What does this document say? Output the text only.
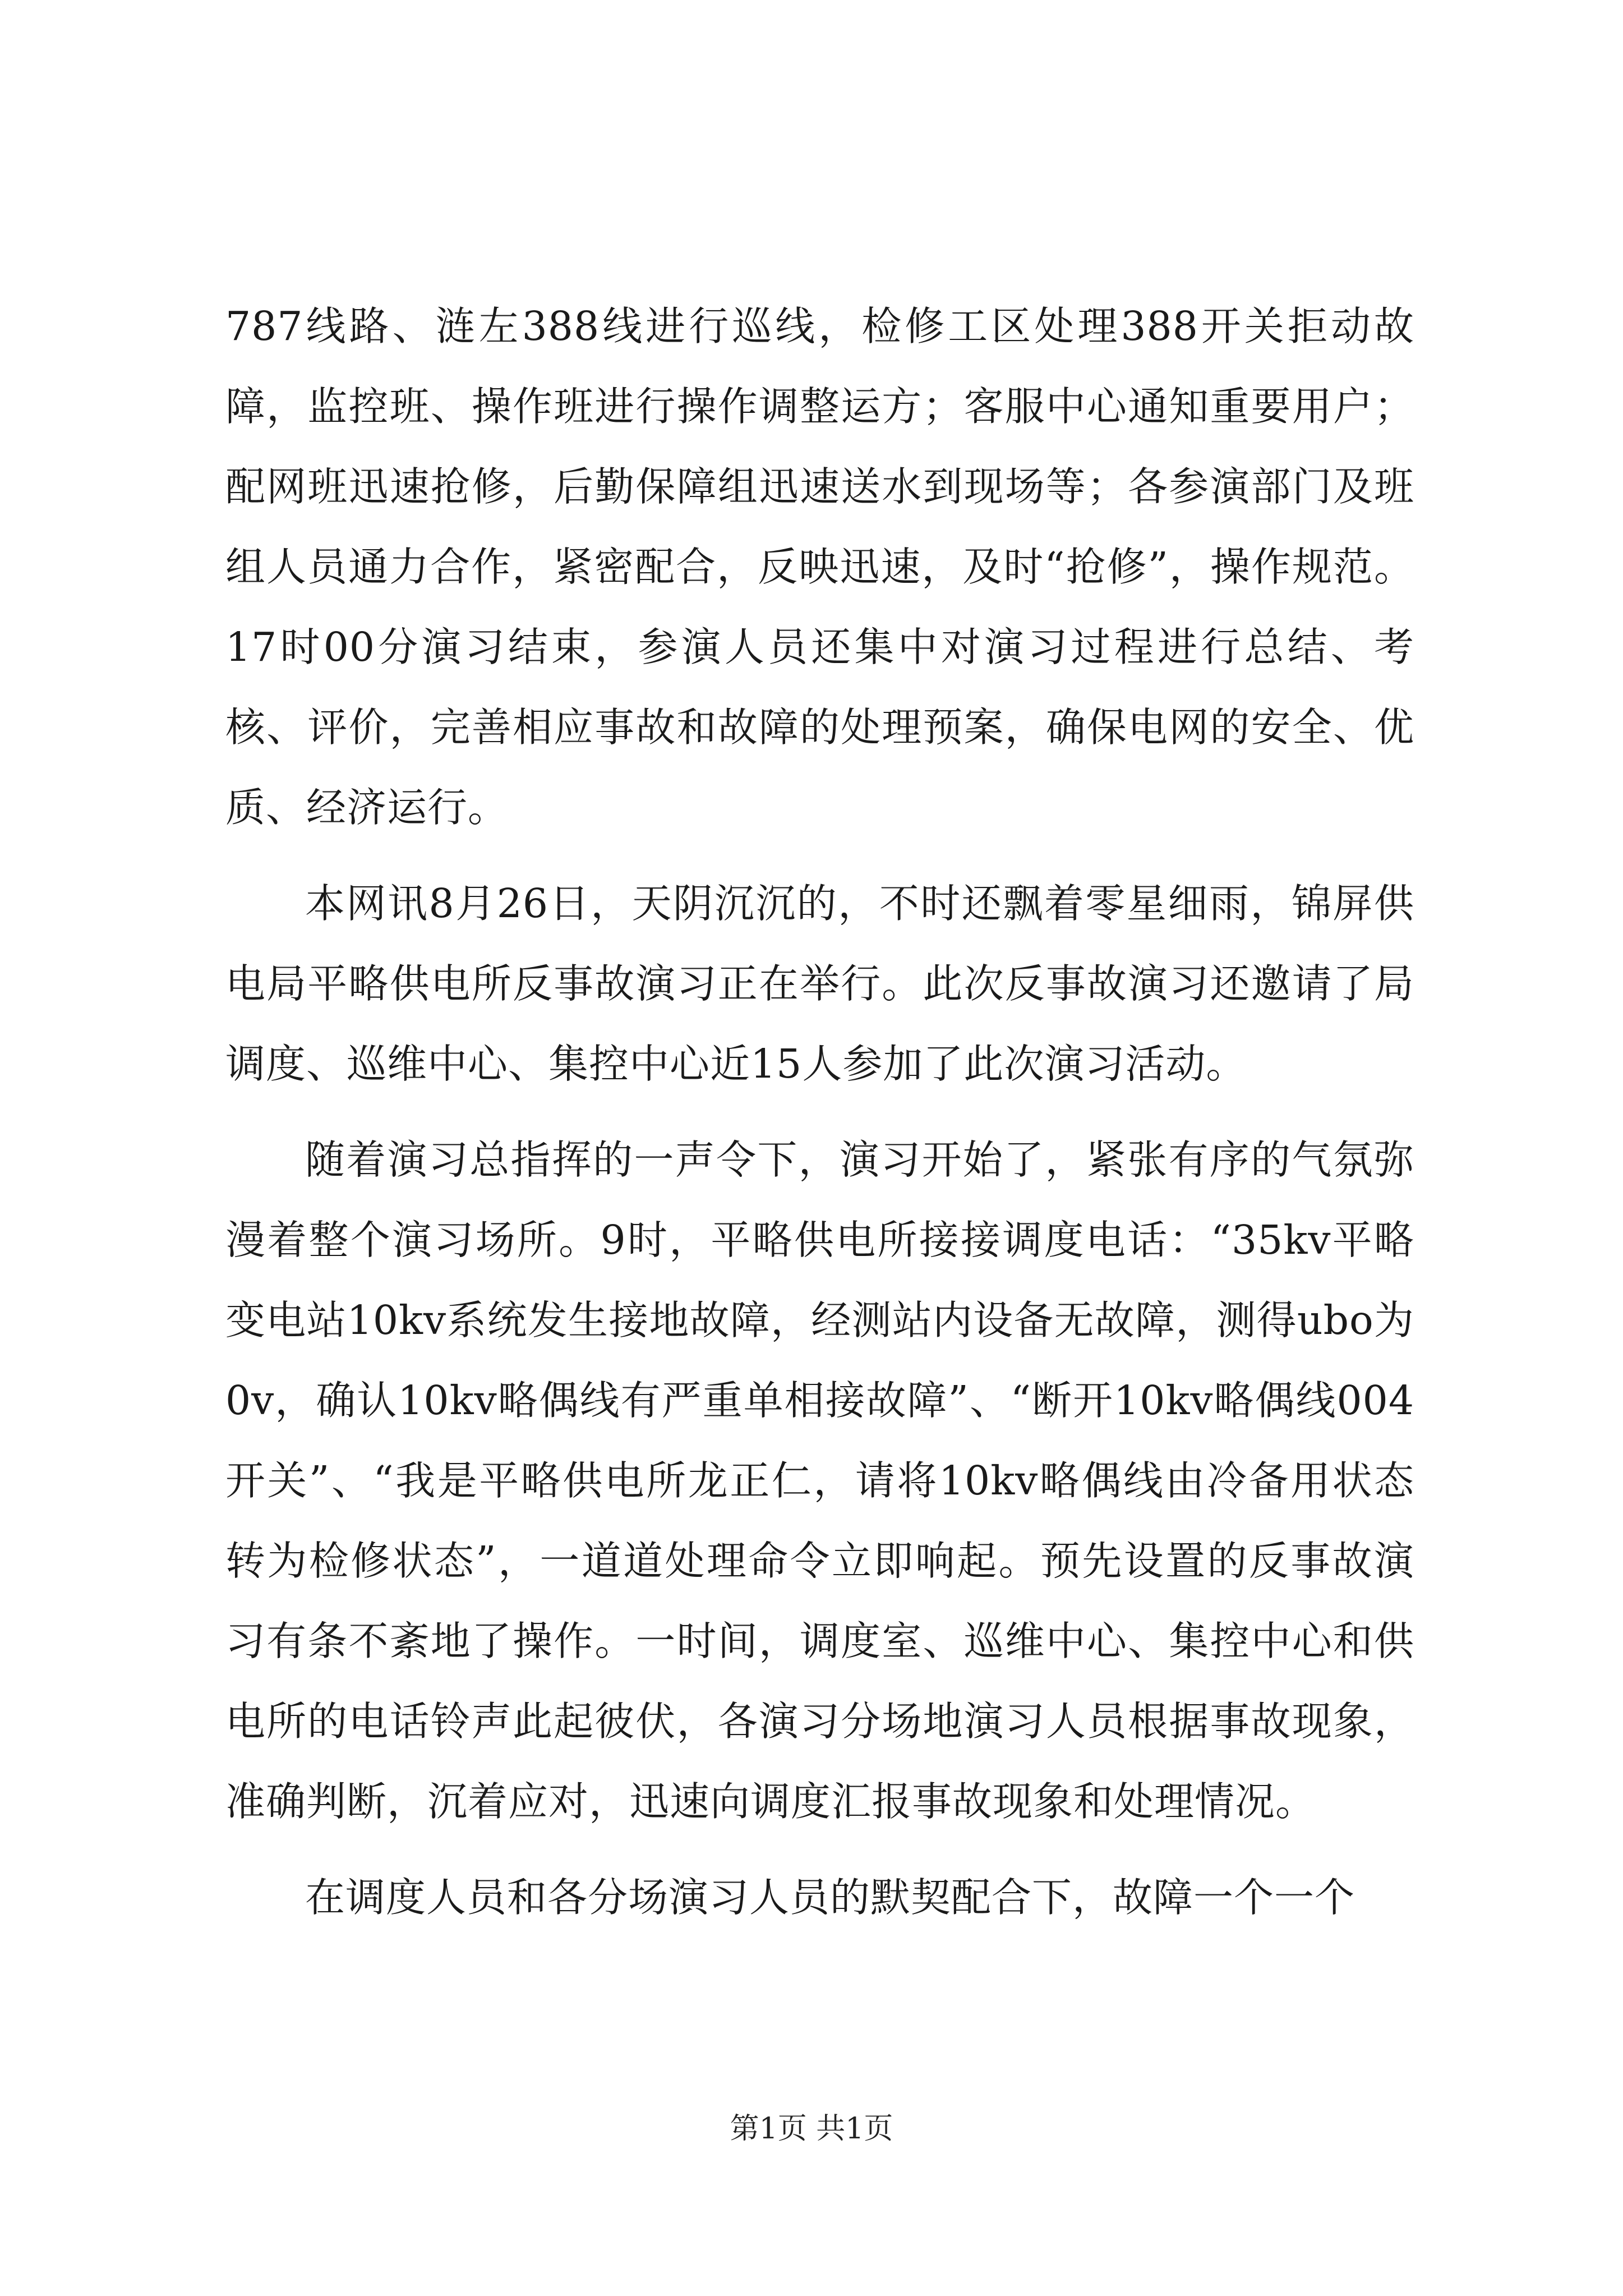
787线路、涟左388线进行巡线，检修工区处理388开关拒动故障，监控班、操作班进行操作调整运方；客服中心通知重要用户；配网班迅速抢修，后勤保障组迅速送水到现场等；各参演部门及班组人员通力合作，紧密配合，反映迅速，及时“抢修”，操作规范。17时00分演习结束，参演人员还集中对演习过程进行总结、考核、评价，完善相应事故和故障的处理预案，确保电网的安全、优质、经济运行。

本网讯8月26日，天阴沉沉的，不时还飘着零星细雨，锦屏供电局平略供电所反事故演习正在举行。此次反事故演习还邀请了局调度、巡维中心、集控中心近15人参加了此次演习活动。

随着演习总指挥的一声令下，演习开始了，紧张有序的气氛弥漫着整个演习场所。9时，平略供电所接接调度电话：“35kv平略变电站10kv系统发生接地故障，经测站内设备无故障，测得ubo为0v，确认10kv略偶线有严重单相接故障”、“断开10kv略偶线004开关”、“我是平略供电所龙正仁，请将10kv略偶线由冷备用状态转为检修状态”，一道道处理命令立即响起。预先设置的反事故演习有条不紊地了操作。一时间，调度室、巡维中心、集控中心和供电所的电话铃声此起彼伏，各演习分场地演习人员根据事故现象，准确判断，沉着应对，迅速向调度汇报事故现象和处理情况。

在调度人员和各分场演习人员的默契配合下，故障一个一个

第1页 共1页
